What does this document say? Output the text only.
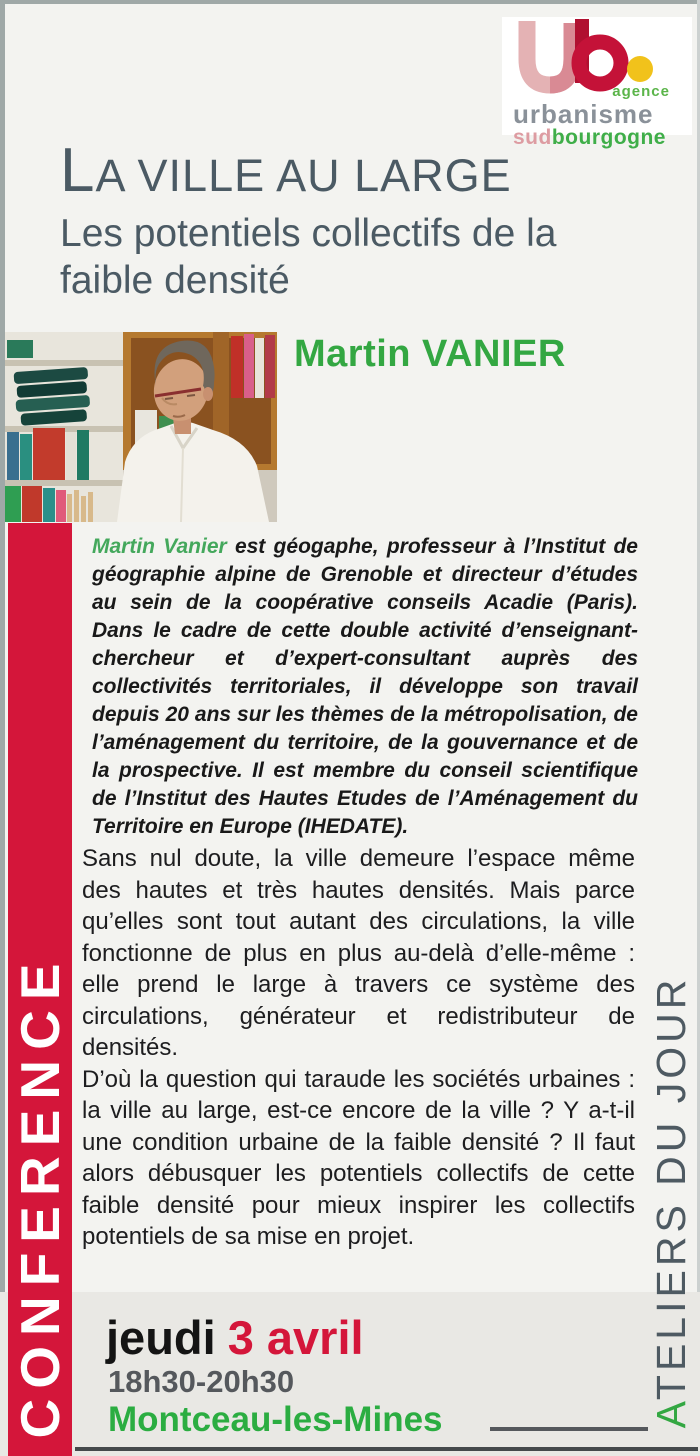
agence
urbanisme
sudbourgogne
LA VILLE AU LARGE
Les potentiels collectifs de la faible densité
Martin VANIER
CONFERENCE	ATELIERS DU JOUR

Martin Vanier est géogaphe, professeur à l’Institut de géographie alpine de Grenoble et directeur d’études au sein de la coopérative conseils Acadie (Paris). Dans le cadre de cette double activité d’enseignant-chercheur et d’expert-consultant auprès des collectivités territoriales, il développe son travail depuis 20 ans sur les thèmes de la métropolisation, de l’aménagement du territoire, de la gouvernance et de la prospective. Il est membre du conseil scientifique de l’Institut des Hautes Etudes de l’Aménagement du Territoire en Europe (IHEDATE).

Sans nul doute, la ville demeure l’espace même des hautes et très hautes densités. Mais parce qu’elles sont tout autant des circulations, la ville fonctionne de plus en plus au-delà d’elle-même : elle prend le large à travers ce système des circulations, générateur et redistributeur de densités.

D’où la question qui taraude les sociétés urbaines : la ville au large, est-ce encore de la ville ? Y a-t-il une condition urbaine de la faible densité ? Il faut alors débusquer les potentiels collectifs de cette faible densité pour mieux inspirer les collectifs potentiels de sa mise en projet.

jeudi 3 avril
18h30-20h30
Montceau-les-Mines
